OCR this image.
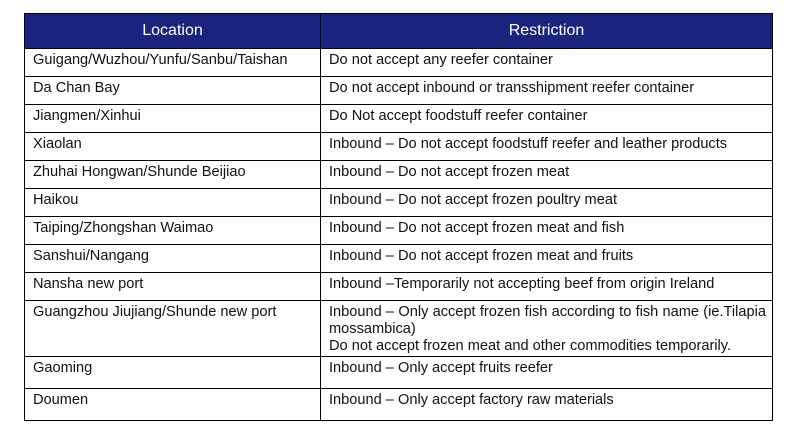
Location	Restriction
Guigang/Wuzhou/Yunfu/Sanbu/Taishan	Do not accept any reefer container
Da Chan Bay	Do not accept inbound or transshipment reefer container
Jiangmen/Xinhui	Do Not accept foodstuff reefer container
Xiaolan	Inbound – Do not accept foodstuff reefer and leather products
Zhuhai Hongwan/Shunde Beijiao	Inbound – Do not accept frozen meat
Haikou	Inbound – Do not accept frozen poultry meat
Taiping/Zhongshan Waimao	Inbound – Do not accept frozen meat and fish
Sanshui/Nangang	Inbound – Do not accept frozen meat and fruits
Nansha new port	Inbound –Temporarily not accepting beef from origin Ireland
Guangzhou Jiujiang/Shunde new port	Inbound – Only accept frozen fish according to fish name (ie.Tilapia mossambica)
Do not accept frozen meat and other commodities temporarily.

Gaoming	Inbound – Only accept fruits reefer
Doumen	Inbound – Only accept factory raw materials
